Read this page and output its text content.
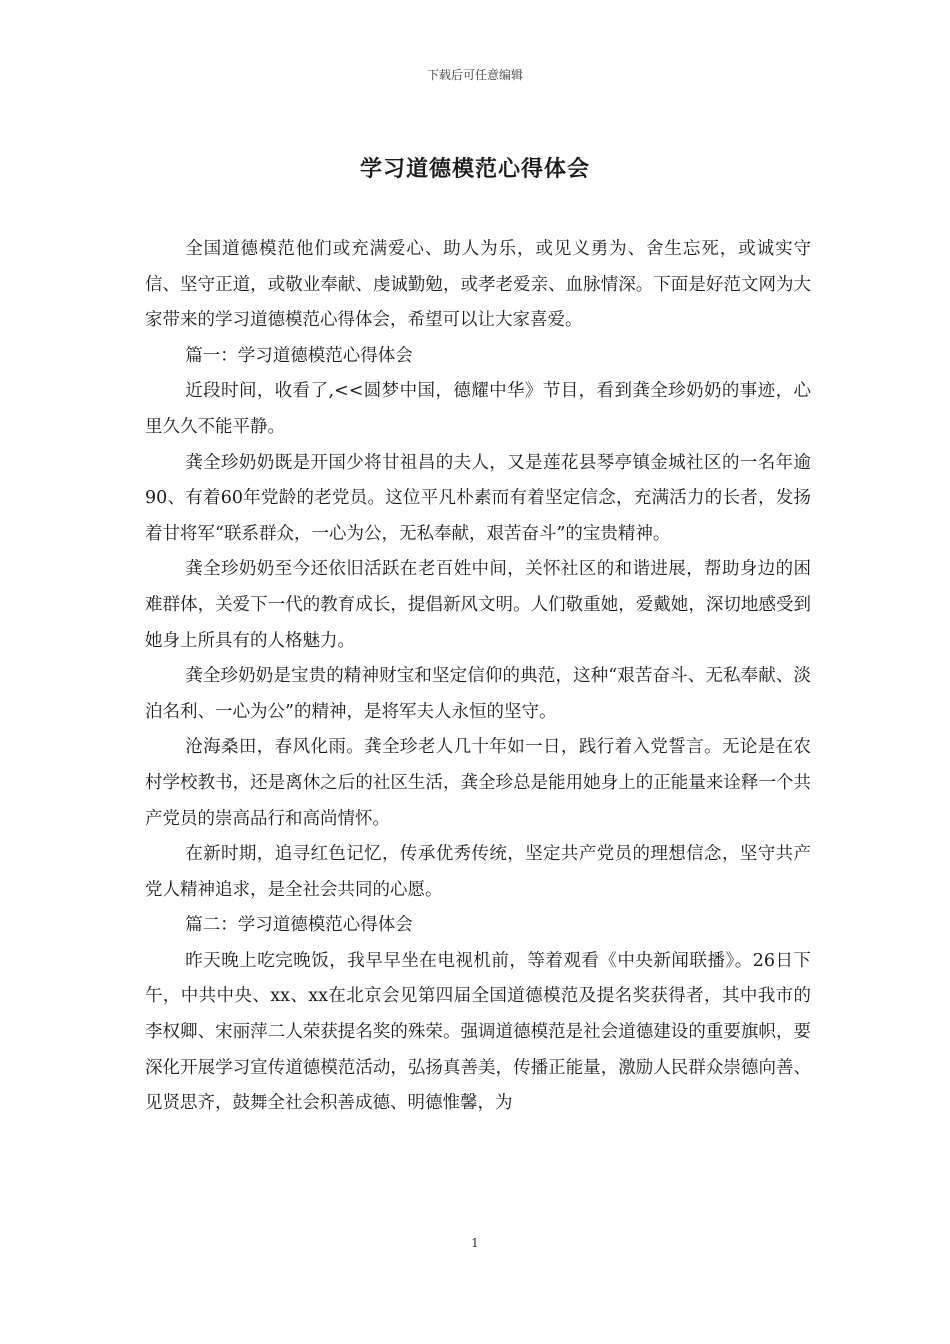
下载后可任意编辑
学习道德模范心得体会

全国道德模范他们或充满爱心、助人为乐，或见义勇为、舍生忘死，或诚实守信、坚守正道，或敬业奉献、虔诚勤勉，或孝老爱亲、血脉情深。下面是好范文网为大家带来的学习道德模范心得体会，希望可以让大家喜爱。

篇一：学习道德模范心得体会

近段时间，收看了,<<圆梦中国，德耀中华》节目，看到龚全珍奶奶的事迹，心里久久不能平静。

龚全珍奶奶既是开国少将甘祖昌的夫人，又是莲花县琴亭镇金城社区的一名年逾90、有着60年党龄的老党员。这位平凡朴素而有着坚定信念，充满活力的长者，发扬着甘将军“联系群众，一心为公，无私奉献，艰苦奋斗”的宝贵精神。

龚全珍奶奶至今还依旧活跃在老百姓中间，关怀社区的和谐进展，帮助身边的困难群体，关爱下一代的教育成长，提倡新风文明。人们敬重她，爱戴她，深切地感受到她身上所具有的人格魅力。

龚全珍奶奶是宝贵的精神财宝和坚定信仰的典范，这种“艰苦奋斗、无私奉献、淡泊名利、一心为公”的精神，是将军夫人永恒的坚守。

沧海桑田，春风化雨。龚全珍老人几十年如一日，践行着入党誓言。无论是在农村学校教书，还是离休之后的社区生活，龚全珍总是能用她身上的正能量来诠释一个共产党员的崇高品行和高尚情怀。

在新时期，追寻红色记忆，传承优秀传统，坚定共产党员的理想信念，坚守共产党人精神追求，是全社会共同的心愿。

篇二：学习道德模范心得体会

昨天晚上吃完晚饭，我早早坐在电视机前，等着观看《中央新闻联播》。26日下午，中共中央、xx、xx在北京会见第四届全国道德模范及提名奖获得者，其中我市的李权卿、宋丽萍二人荣获提名奖的殊荣。强调道德模范是社会道德建设的重要旗帜，要深化开展学习宣传道德模范活动，弘扬真善美，传播正能量，激励人民群众崇德向善、见贤思齐，鼓舞全社会积善成德、明德惟馨，为

1
